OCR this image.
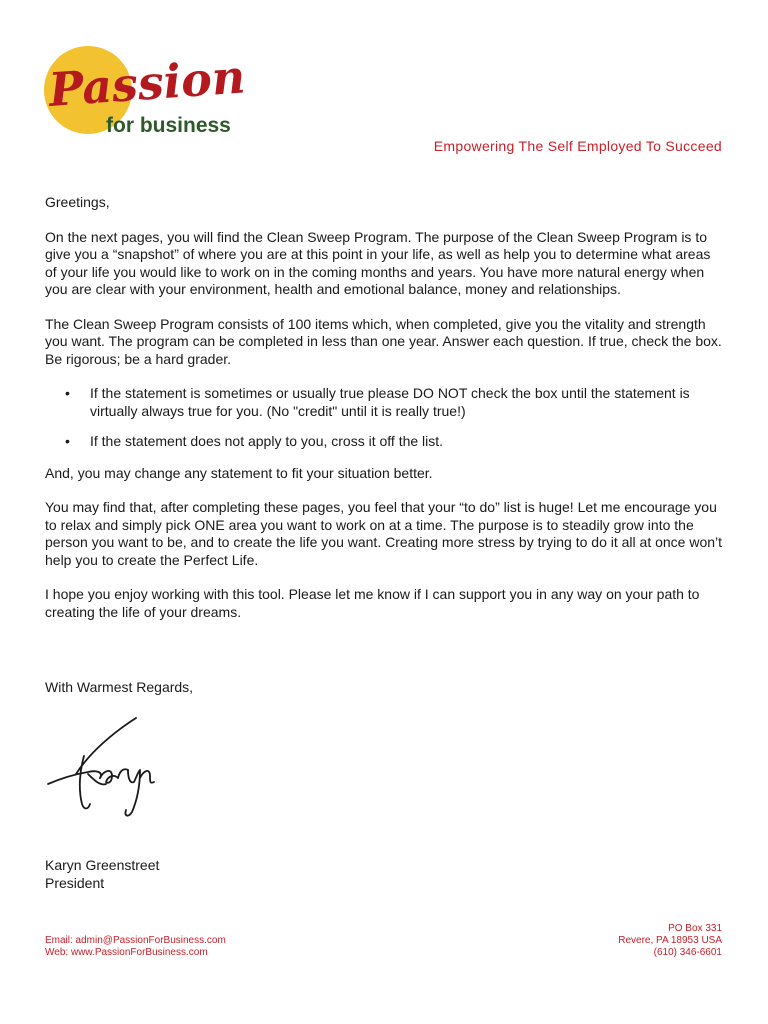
Passion
for business
Empowering The Self Employed To Succeed

Greetings,

On the next pages, you will find the Clean Sweep Program. The purpose of the Clean Sweep Program is to give you a “snapshot” of where you are at this point in your life, as well as help you to determine what areas of your life you would like to work on in the coming months and years. You have more natural energy when you are clear with your environment, health and emotional balance, money and relationships.

The Clean Sweep Program consists of 100 items which, when completed, give you the vitality and strength you want. The program can be completed in less than one year. Answer each question. If true, check the box. Be rigorous; be a hard grader.

• If the statement is sometimes or usually true please DO NOT check the box until the statement is virtually always true for you. (No "credit" until it is really true!)
• If the statement does not apply to you, cross it off the list.

And, you may change any statement to fit your situation better.

You may find that, after completing these pages, you feel that your “to do” list is huge! Let me encourage you to relax and simply pick ONE area you want to work on at a time. The purpose is to steadily grow into the person you want to be, and to create the life you want. Creating more stress by trying to do it all at once won’t help you to create the Perfect Life.

I hope you enjoy working with this tool. Please let me know if I can support you in any way on your path to creating the life of your dreams.

With Warmest Regards,
Karyn Greenstreet
President
Email: admin@PassionForBusiness.com
Web: www.PassionForBusiness.com
PO Box 331
Revere, PA 18953 USA
(610) 346-6601
